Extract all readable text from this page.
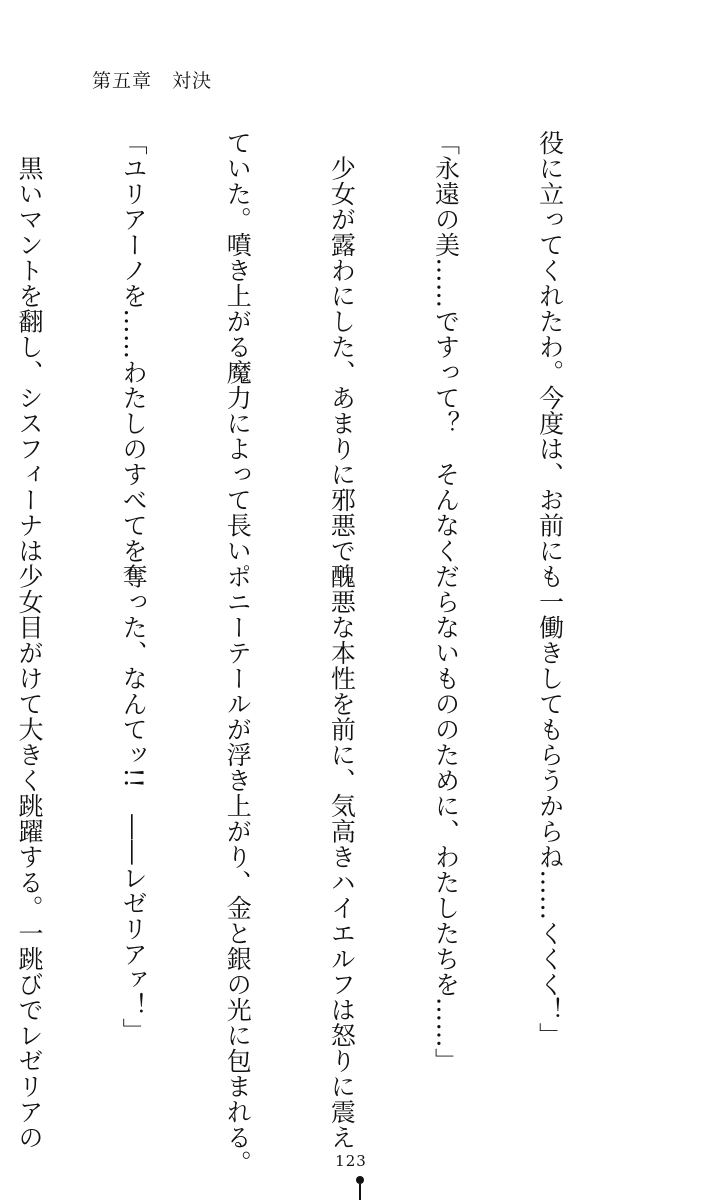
第五章　対決

役に立ってくれたわ。今度は、お前にも一働きしてもらうからね……くくく！」

「永遠の美……ですって？　そんなくだらないもののために、わたしたちを……」

　少女が露わにした、あまりに邪悪で醜悪な本性を前に、気高きハイエルフは怒りに震え

ていた。噴き上がる魔力によって長いポニーテールが浮き上がり、金と銀の光に包まれる。

「ユリアーノを……わたしのすべてを奪った、なんてッ!!　――レゼリアァ！」

　黒いマントを翻し、シスフィーナは少女目がけて大きく跳躍する。一跳びでレゼリアの

123
